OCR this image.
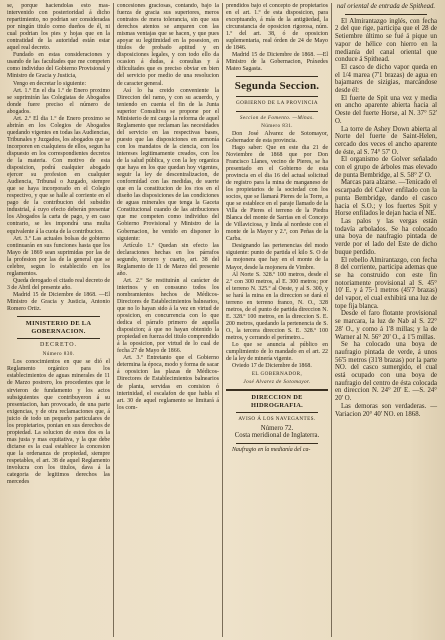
se, porque haciendolas esto mas-intervenido con posterioridad á dicho repartimiento, no podrian ser consideradas por ningún titulo como dueños de él, ni cual podrian los pies y hojas que en la contratidad de la autoridad están estar aquel real decreto.

Fundado en estas consideraciones y usando de las facultades que me competen como individuo del Gobierno Provisional y Ministro de Gracia y Justicia,

Vengo en decretar lo siguiente:

Art. 1.º En el dia 1.º de Enero proximo se suprimirán las Colegiatas de Abogados donde fuere preciso el número de abogados.

Art. 2.º El dia 1.º de Enero proximo se abrirán en los Colegios de Abogados quedando vigentes en todas las Audiencias, Tribunales y Juzgados, los abogados que se incorporen en cualquiera de ellos, segun ha dispuesto en los correspondientes decretos de la materia. Con motivo de esta disposicion, podrá cualquier abogado ejercer su profesion en cualquier Audiencia, Tribunal o Juzgado, siempre que se haya incorporado en el Colegio respectivo, y que se halle al corriente en el pago de la contribucion del subsidio industrial, á cuyo efecto deberán presentar los Abogados la carta de pago, y en caso contrario, se les impondrá una multa equivalente á la cuota de la contribucion.

Art. 3.º Las actuales bolsas de gobierno continuarán en sus funciones hasta que los Mayo de 1869 sean suprimidas por las de la profesion por las de la general que se celebre, segun lo establecido en los reglamentos.

Queda derogado el citado real decreto de 3 de Abril del presente año.

Madrid 15 de Diciembre de 1868. —El Ministro de Gracia y Justicia, Antonio Romero Ortiz.

MINISTERIO DE LA GOBERNACION.
DECRETO.
Número 830.

Los conocimientos en que se dió el Reglamento orgánico para los establecimientos de aguas minerales de 11 de Marzo postrero, los procedentes que le sirvieron de fundamento y los actos subsiguientes que contribuyeron á su presentacion, han provocado, de una parte exigencias, y de otra reclamaciones que, á juicio de todo un pequeño particulares de los propietarios, ponian en sus derechos de propiedad. La solucion de estos dos es la mas justa y mas equitativa, y la que debe dictarse es la cual establece la concesion que la ordenanza de propiedad, siempre respetables, el art. 38 de aquel Reglamento involucra con los titulos, dava á la categoria de legitimos derechos las mercedes

concesiones graciosas, contando, bajo la fuerza de gracia sus superiores, meros contratos de mera tolerancia, sin que sus derechos atentos se amparen con las mismas ventajas que se hacen, y que pues apoyar su legitimidad en la posesion, en titulos de probado aptitud y en disposiciones legales, y con todo ello da ocasion á dudas, á consultas y á dificultades que es preciso obviar en bien del servicio por medio de una resolucion de caracter general.

Así lo ha creido conveniente la Direccion del ramo, y con su acuerdo, y teniendo en cuenta el fin de la Junta superior Consultiva se propone por el Ministerio de mi cargo la reforma de aquel Reglamento que reclaman las necesidades del servicio en las respectivas bases, puesto que las disposiciones en armonía con los mandatos de la ciencia, con los intereses legitimamente creados, con los de la salud pública, y con la ley organica que haya en los que quedan hoy vigentes, seguir la ley de descentralizacion, de conformidad con las medidas, de suerte que en la constitucion de los rios en el diseño las disposiciones de las condiciones de aguas minerales que tenga la Gaceta Constitucional cuando de las atribuciones que me competen como individuo del Gobierno Provisional y Ministro de la Gobernacion, he venido en disponer lo siguiente:

Artículo 1.º Quedan sin efecto las declaraciones hechas en los párrafos segundo, tercero y cuarto, art. 38 del Reglamento de 11 de Marzo del presente año.

Art. 2.º Se restituirán al carácter de interinos y en conssuno todos los nombramientos hechos de Médicos-Directores de Establecimientos balnearios, que no lo hayan sido á la vez en virtud de oposicion, en concurrencia con lo que dedica el párrafo primero de aquella disposicion; á que no hayan obtenido la propiedad en fuerza del titulo comprendido á la oposicion, por virtud de lo cual de fecha 27 de Mayo de 1866.

Art. 3.º Entretanto que el Gobierno determina la época, modo y forma de sacar á oposicion las plazas de Médicos-Directores de Establecimientos balnearios de planta, servidas en comision ó interinidad, el escalafon de que habla el art. 30 de aquel reglamento se limitará á los com-

prendidos bajo el concepto de propietarios en el art. 1.º de esta disposicion, para exceptuando, á más de la antigüedad, la circunstancia de oposicion rigorosa, núm. 1.º del art. 38, ó de oposicion suplementaria, real órden de 24 de Mayo de 1846.

Madrid 15 de Diciembre de 1868. —El Ministro de la Gobernacion, Práxedes Mateo Sagasta.

Segunda Seccion.
GOBIERNO DE LA PROVINCIA
Seccion de Fomento. —Minas.
Número 831.

Don José Alvarez de Sotomayor, Gobernador de esta provincia.

Hago saber: Que en este dia 21 de Noviembre de 1868 que por Don Francisco Llanes, vecino de Pieres, se ha presentado en el Gobierno de esta provincia en el dia 16 del actual solicitud de registro para la mina de manganeso de los propietarios de la sociedad con los socios, que se llamará Pieres de la Torre, a que se establece en el paraje llamado de la Villa de Pieres el terreno de la Piedra Blanca del monte de Sarrias en el Concejo de Villaviciosa, y linda al nordeste con el monte de la Mayor y 2.º, con Peñas de la Carba.

Designando las pertenencias del modo siguiente: punto de partida el kilo S. O de la mojonera que hay en el monte de la Mayor, desde la mojonera de Vimbre.

Al Norte S. 328.º 100 metros, desde el 2.º con 300 metros, al E. 300 metros; por el terreno N. 325.º al Oeste, y al S. 300, y se hará la mina en la direccion se dará el terreno en terreno franco, N. O., 328 metros, de el punto de partida direccion N. E. 328.º 100 metros, en la direccion S. E. 200 metros, quedando la pertenencia de S. O., la tercera direccion S. E. 328.º 100 metros, y cerrando el perímetro...

Lo que se anuncia al público en cumplimiento de lo mandado en el art. 22 de la ley de minería vigente.

Oviedo 17 de Diciembre de 1868.

EL GOBERNADOR,
José Alvarez de Sotomayor.
DIRECCION DE HIDROGRAFIA.
AVISO Á LOS NAVEGANTES.
Número 72.
Costa meridional de Inglaterra.

Naufragio en la medianía del ca-

nal oriental de entrada de Spithead.

El Almirantazgo inglés, con fecha 2 del que rige, participa que el 28 de Setiembre último se fué á pique un vapor de hélice con hierro en la medianía del canal oriental que conduce á Spithead.

El casco de dicho vapor queda en el 1/4 marea (7'1 brazas) de agua en bajamares de sizigias, marcándose desde él:

El fuerte de Spit una vez y media en ancho aparente abierta hacia al Oeste del fuerte Horse, al N. 37° 52' O.

La torre de Ashey Down abierta al Norte del fuerte de Saint-Helen, cercado dos veces el ancho aparente de éste, al S. 74° 57' O.

El organismo de Golver señalado con el grupo de árboles mas elevado de punta Bembridge, al S. 58° 2' O.

Marcas para alzarse. —Tenicado el escarpado del Calver enfilado con la punta Bembridge, dando el casco hacia el S.O.; y los fuertes Spit y Horse enfilados le dejan hacia el NE.

Las palos y las vergas están todavía arbolados. Se ha colocado una boya de naufragio pintada de verde por el lado del Este de dicho buque perdido.

El rebello Almirantazgo, con fecha 8 del corriente, participa ademas que se ha construido con este fin notoriamente provisional al S. 45° 10' E. y á 75·1 metros (45'7 brazas) del vapor, el cual exhibirá una luz de tope fija blanca.

Desde el faro flotante provisional se marcara, la luz de Nab al S. 22° 28' O., y como á 1'8 millas; y la de Warner al N. 56° 20' O., á 1'5 millas.

Se ha colocado una boya de naufragio pintada de verde, á unos 56'5 metros (31'8 brazas) por la parte NO. del casco sumergido, el cual está ocupado con una boya de naufragio del centro de ésta colocada en direccion N. 24° 20' E. —S. 24° 20' O.

Las demoras son verdaderas. —Variacion 20° 40' NO. en 1868.
